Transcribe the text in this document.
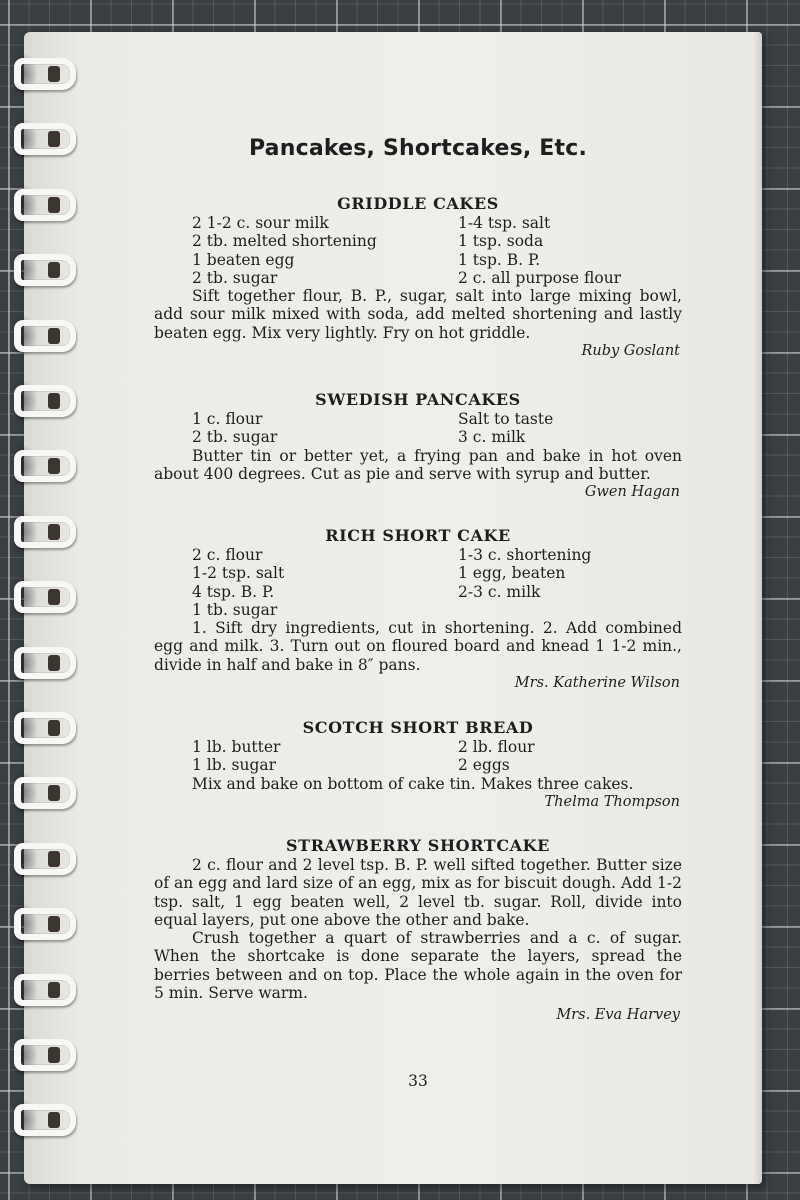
Pancakes, Shortcakes, Etc.
GRIDDLE CAKES
2 1-2 c. sour milk	1-4 tsp. salt
2 tb. melted shortening	1 tsp. soda
1 beaten egg	1 tsp. B. P.
2 tb. sugar	2 c. all purpose flour

Sift together flour, B. P., sugar, salt into large mixing bowl, add sour milk mixed with soda, add melted shortening and lastly beaten egg. Mix very lightly. Fry on hot griddle.

Ruby Goslant
SWEDISH PANCAKES
1 c. flour	Salt to taste
2 tb. sugar	3 c. milk

Butter tin or better yet, a frying pan and bake in hot oven about 400 degrees. Cut as pie and serve with syrup and butter.

Gwen Hagan
RICH SHORT CAKE
2 c. flour	1-3 c. shortening
1-2 tsp. salt	1 egg, beaten
4 tsp. B. P.	2-3 c. milk
1 tb. sugar

1. Sift dry ingredients, cut in shortening. 2. Add combined egg and milk. 3. Turn out on floured board and knead 1 1-2 min., divide in half and bake in 8″ pans.

Mrs. Katherine Wilson
SCOTCH SHORT BREAD
1 lb. butter	2 lb. flour
1 lb. sugar	2 eggs

Mix and bake on bottom of cake tin. Makes three cakes.

Thelma Thompson
STRAWBERRY SHORTCAKE

2 c. flour and 2 level tsp. B. P. well sifted together. Butter size of an egg and lard size of an egg, mix as for biscuit dough. Add 1-2 tsp. salt, 1 egg beaten well, 2 level tb. sugar. Roll, divide into equal layers, put one above the other and bake.

Crush together a quart of strawberries and a c. of sugar. When the shortcake is done separate the layers, spread the berries between and on top. Place the whole again in the oven for 5 min. Serve warm.

Mrs. Eva Harvey
33
